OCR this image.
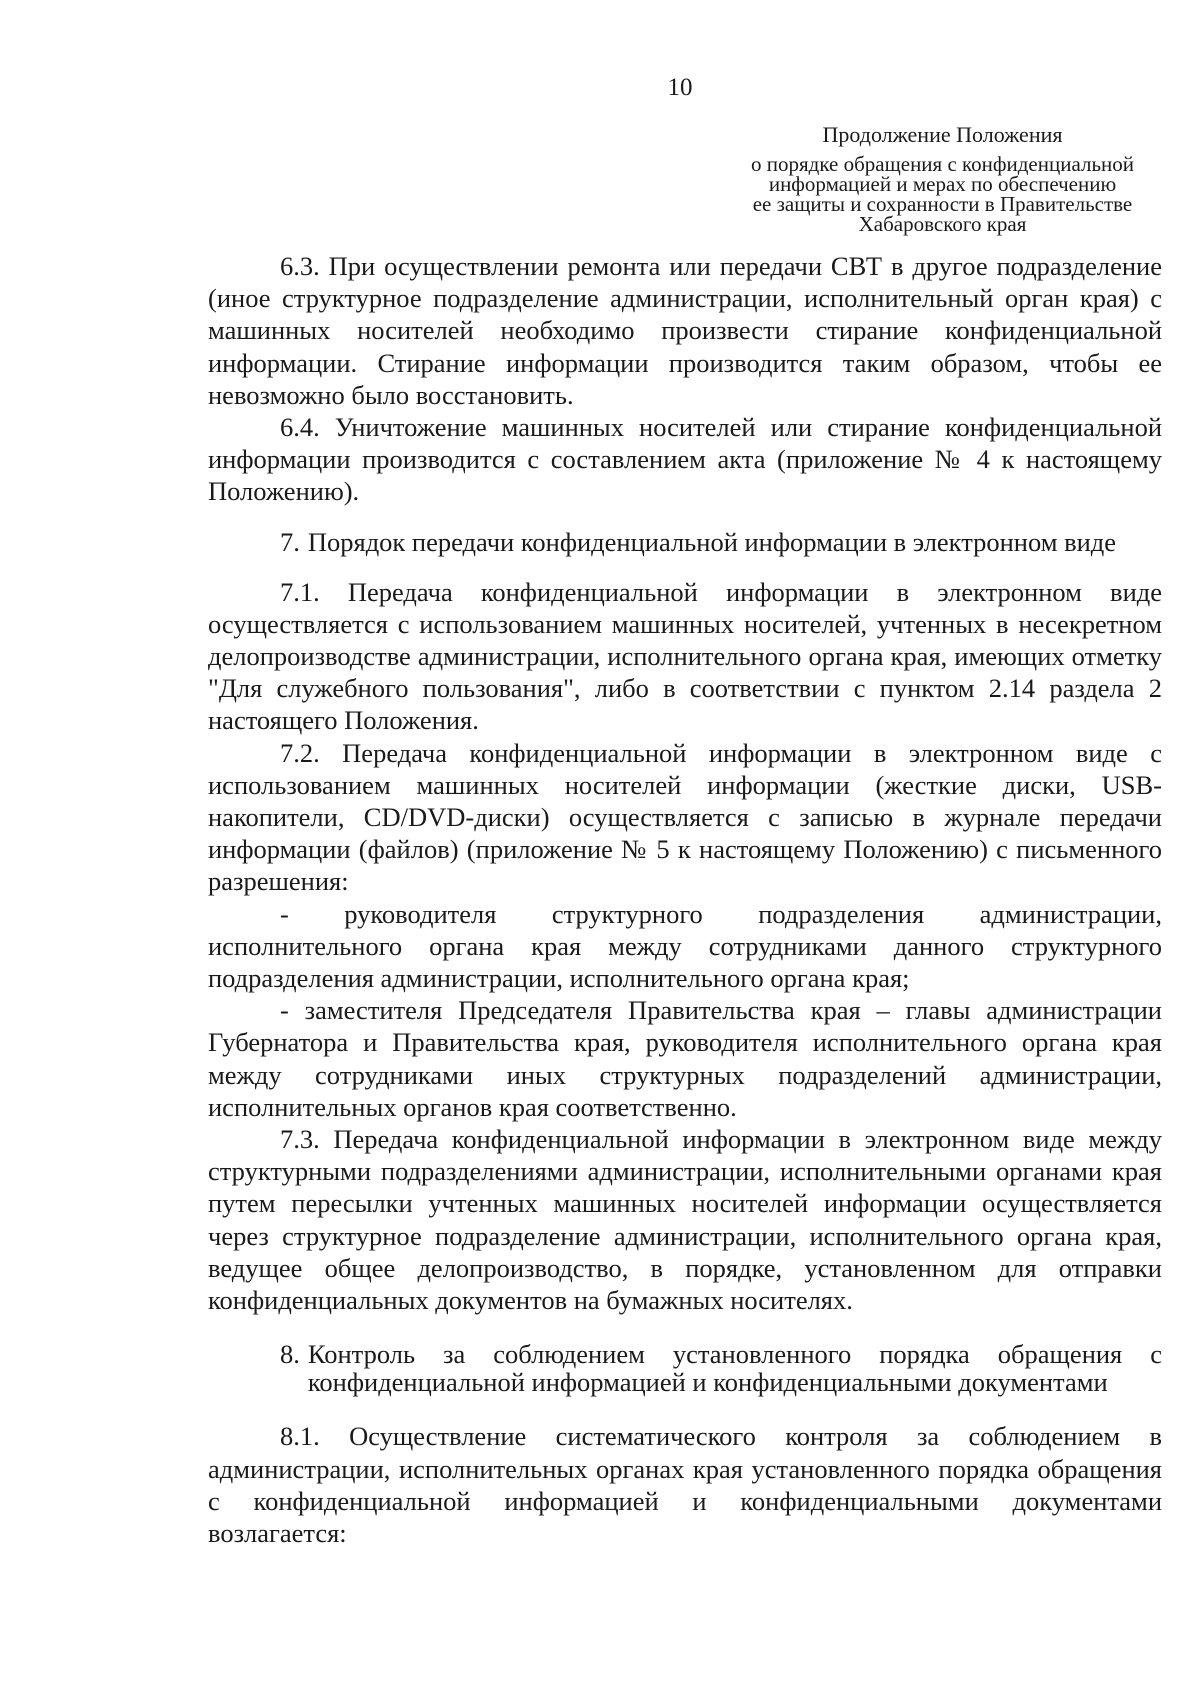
10
Продолжение Положения
о порядке обращения с конфиденциальной
информацией и мерах по обеспечению
ее защиты и сохранности в Правительстве
Хабаровского края

6.3. При осуществлении ремонта или передачи СВТ в другое подразделение (иное структурное подразделение администрации, исполнительный орган края) с машинных носителей необходимо произвести стирание конфиденциальной информации. Стирание информации производится таким образом, чтобы ее невозможно было восстановить.

6.4. Уничтожение машинных носителей или стирание конфиденциальной информации производится с составлением акта (приложение № 4 к настоящему Положению).

7. Порядок передачи конфиденциальной информации в электронном виде

7.1. Передача конфиденциальной информации в электронном виде осуществляется с использованием машинных носителей, учтенных в несекретном делопроизводстве администрации, исполнительного органа края, имеющих отметку "Для служебного пользования", либо в соответствии с пунктом 2.14 раздела 2 настоящего Положения.

7.2. Передача конфиденциальной информации в электронном виде с использованием машинных носителей информации (жесткие диски, USB-накопители, CD/DVD-диски) осуществляется с записью в журнале передачи информации (файлов) (приложение № 5 к настоящему Положению) с письменного разрешения:

- руководителя структурного подразделения администрации, исполнительного органа края между сотрудниками данного структурного подразделения администрации, исполнительного органа края;

- заместителя Председателя Правительства края – главы администрации Губернатора и Правительства края, руководителя исполнительного органа края между сотрудниками иных структурных подразделений администрации, исполнительных органов края соответственно.

7.3. Передача конфиденциальной информации в электронном виде между структурными подразделениями администрации, исполнительными органами края путем пересылки учтенных машинных носителей информации осуществляется через структурное подразделение администрации, исполнительного органа края, ведущее общее делопроизводство, в порядке, установленном для отправки конфиденциальных документов на бумажных носителях.

8. Контроль за соблюдением установленного порядка обращения с конфиденциальной информацией и конфиденциальными документами

8.1. Осуществление систематического контроля за соблюдением в администрации, исполнительных органах края установленного порядка обращения с конфиденциальной информацией и конфиденциальными документами возлагается:
